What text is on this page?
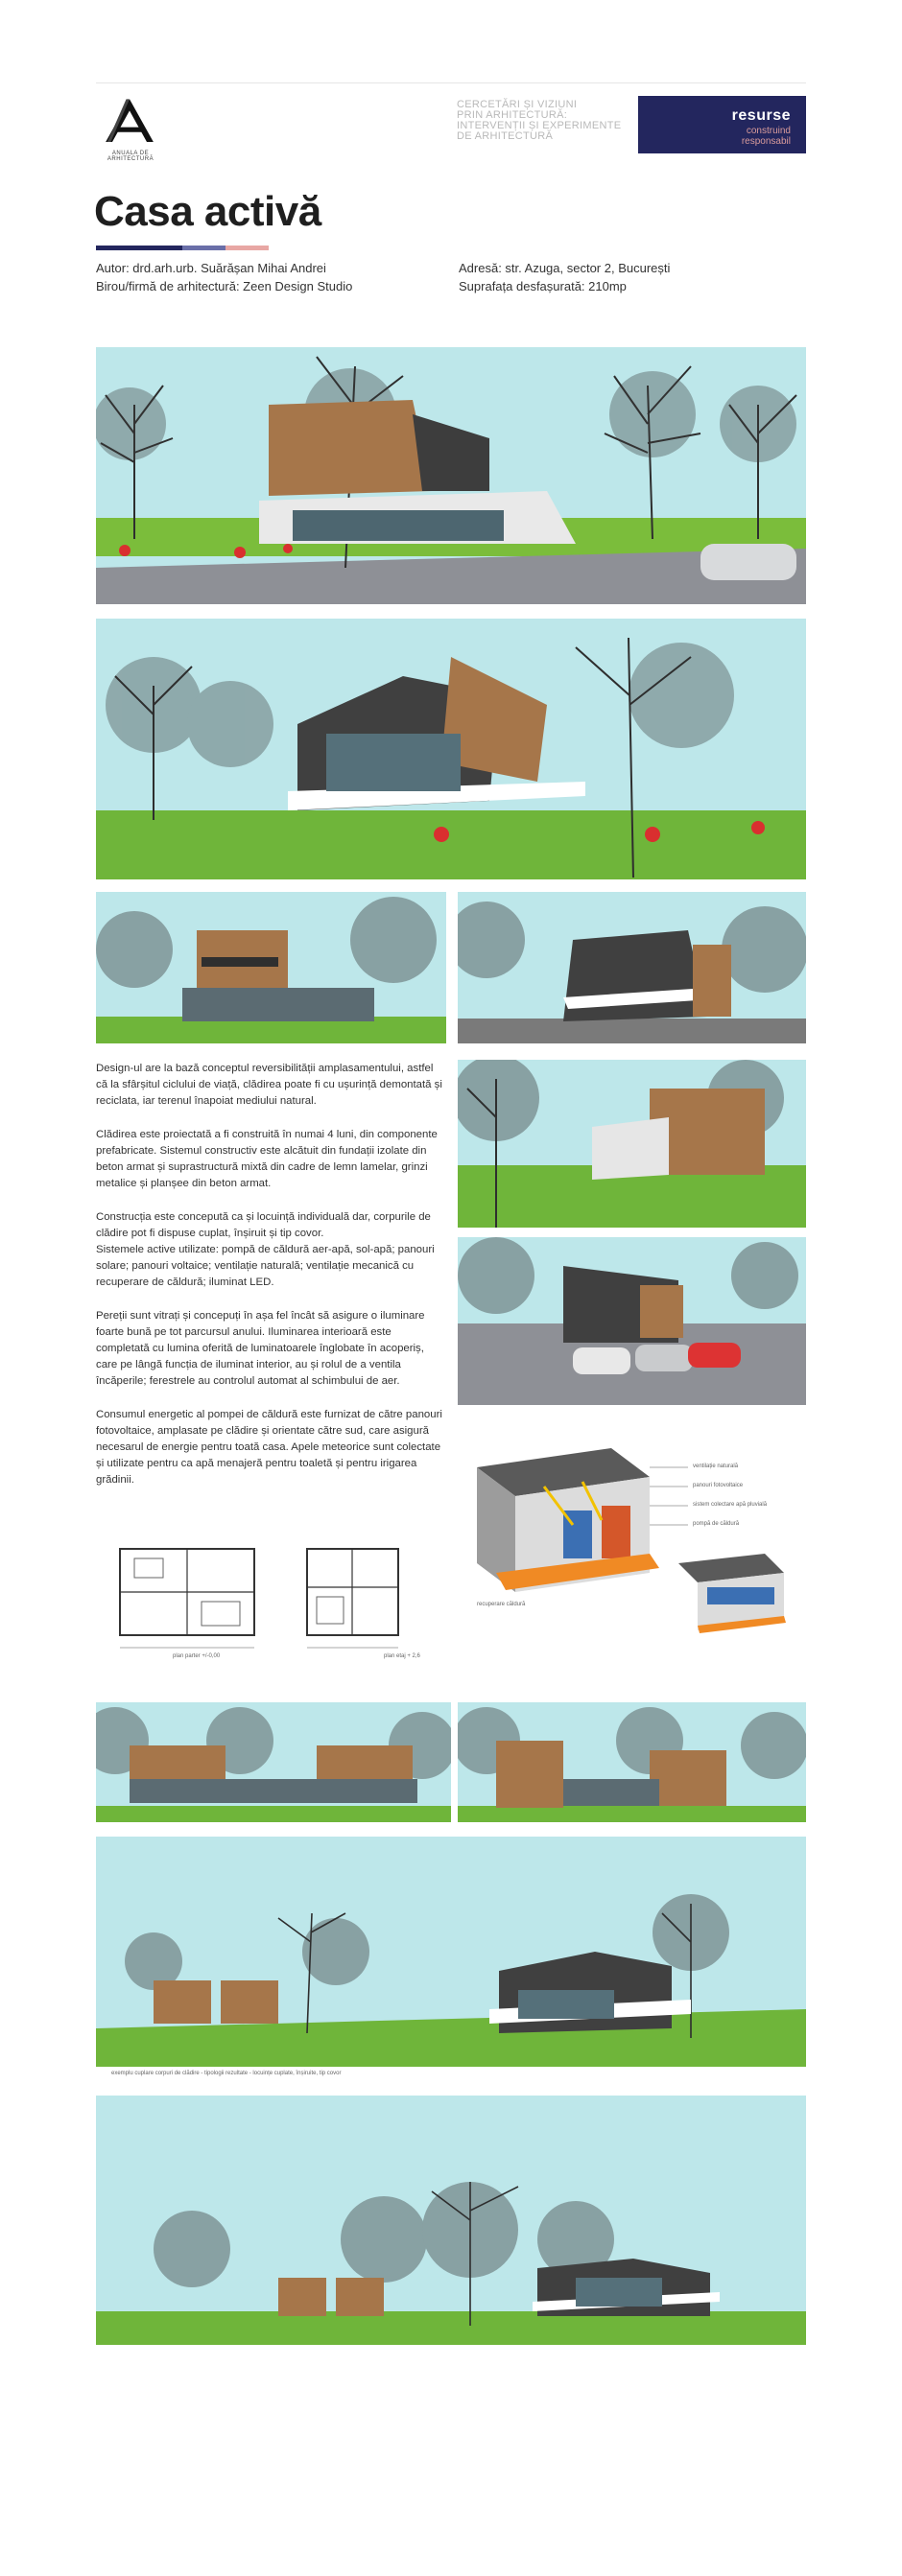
ANUALA DE ARHITECTURĂ
CERCETĂRI ȘI VIZIUNI
PRIN ARHITECTURĂ:
INTERVENȚII ȘI EXPERIMENTE
DE ARHITECTURĂ
resurse
construind
responsabil
Casa activă
Autor: drd.arh.urb. Suărășan Mihai Andrei
Birou/firmă de arhitectură: Zeen Design Studio
Adresă: str. Azuga, sector 2, București
Suprafața desfașurată: 210mp

Design-ul are la bază conceptul reversibilității amplasamentului, astfel că la sfârșitul ciclului de viață, clădirea poate fi cu ușurință demontată și reciclata, iar terenul înapoiat mediului natural.

Clădirea este proiectată a fi construită în numai 4 luni, din componente prefabricate. Sistemul constructiv este alcătuit din fundații izolate din beton armat și suprastructură mixtă din cadre de lemn lamelar, grinzi metalice și planșee din beton armat.

Construcția este concepută ca și locuință individuală dar, corpurile de clădire pot fi dispuse cuplat, înșiruit și tip covor.
Sistemele active utilizate: pompă de căldură aer-apă, sol-apă; panouri solare; panouri voltaice; ventilație naturală; ventilație mecanică cu recuperare de căldură; iluminat LED.

Pereții sunt vitrați și concepuți în așa fel încât să asigure o iluminare foarte bună pe tot parcursul anului. Iluminarea interioară este completată cu lumina oferită de luminatoarele înglobate în acoperiș, care pe lângă funcția de iluminat interior, au și rolul de a ventila încăperile; ferestrele au controlul automat al schimbului de aer.

Consumul energetic al pompei de căldură este furnizat de către panouri fotovoltaice, amplasate pe clădire și orientate către sud, care asigură necesarul de energie pentru toată casa. Apele meteorice sunt colectate și utilizate pentru ca apă menajeră pentru toaletă și pentru irigarea grădinii.

ventilație naturală
panouri fotovoltaice
sistem colectare apă pluvială
pompă de căldură
recuperare căldură
plan parter +/-0,00	plan etaj + 2,6
exemplu cuplare corpuri de clădire - tipologii rezultate - locuințe cuplate, înșiruite, tip covor
